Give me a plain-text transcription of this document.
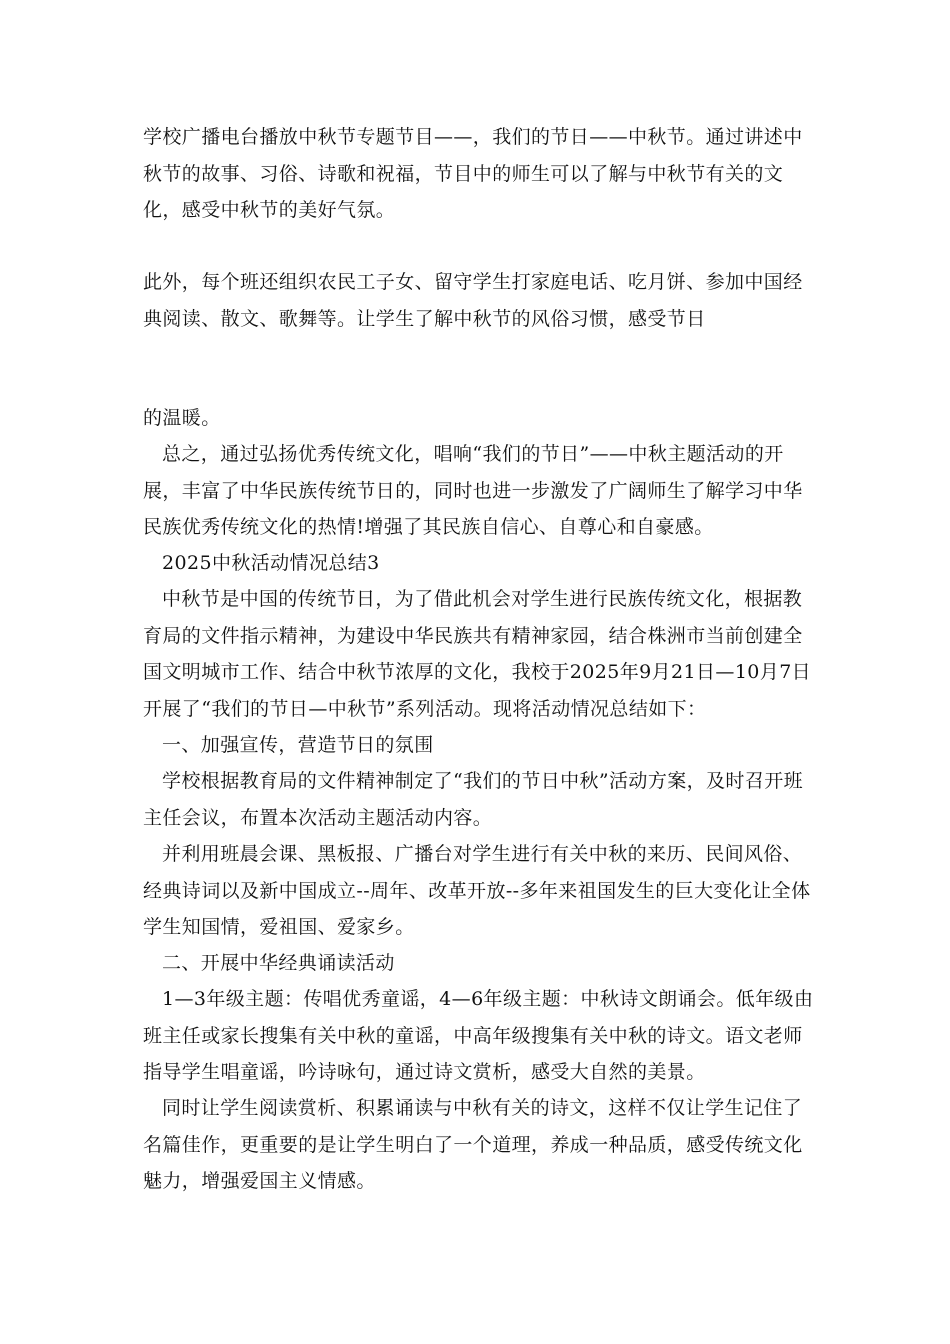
学校广播电台播放中秋节专题节目——，我们的节日——中秋节。通过讲述中秋节的故事、习俗、诗歌和祝福，节目中的师生可以了解与中秋节有关的文化，感受中秋节的美好气氛。

此外，每个班还组织农民工子女、留守学生打家庭电话、吃月饼、参加中国经典阅读、散文、歌舞等。让学生了解中秋节的风俗习惯，感受节日

的温暖。

总之，通过弘扬优秀传统文化，唱响“我们的节日”——中秋主题活动的开展，丰富了中华民族传统节日的，同时也进一步激发了广阔师生了解学习中华民族优秀传统文化的热情!增强了其民族自信心、自尊心和自豪感。

2025中秋活动情况总结3

中秋节是中国的传统节日，为了借此机会对学生进行民族传统文化，根据教育局的文件指示精神，为建设中华民族共有精神家园，结合株洲市当前创建全国文明城市工作、结合中秋节浓厚的文化，我校于2025年9月21日—10月7日开展了“我们的节日—中秋节”系列活动。现将活动情况总结如下：

一、加强宣传，营造节日的氛围

学校根据教育局的文件精神制定了“我们的节日中秋”活动方案，及时召开班主任会议，布置本次活动主题活动内容。

并利用班晨会课、黑板报、广播台对学生进行有关中秋的来历、民间风俗、经典诗词以及新中国成立--周年、改革开放--多年来祖国发生的巨大变化让全体学生知国情，爱祖国、爱家乡。

二、开展中华经典诵读活动

1—3年级主题：传唱优秀童谣，4—6年级主题：中秋诗文朗诵会。低年级由班主任或家长搜集有关中秋的童谣，中高年级搜集有关中秋的诗文。语文老师指导学生唱童谣，吟诗咏句，通过诗文赏析，感受大自然的美景。

同时让学生阅读赏析、积累诵读与中秋有关的诗文，这样不仅让学生记住了名篇佳作，更重要的是让学生明白了一个道理，养成一种品质，感受传统文化魅力，增强爱国主义情感。
